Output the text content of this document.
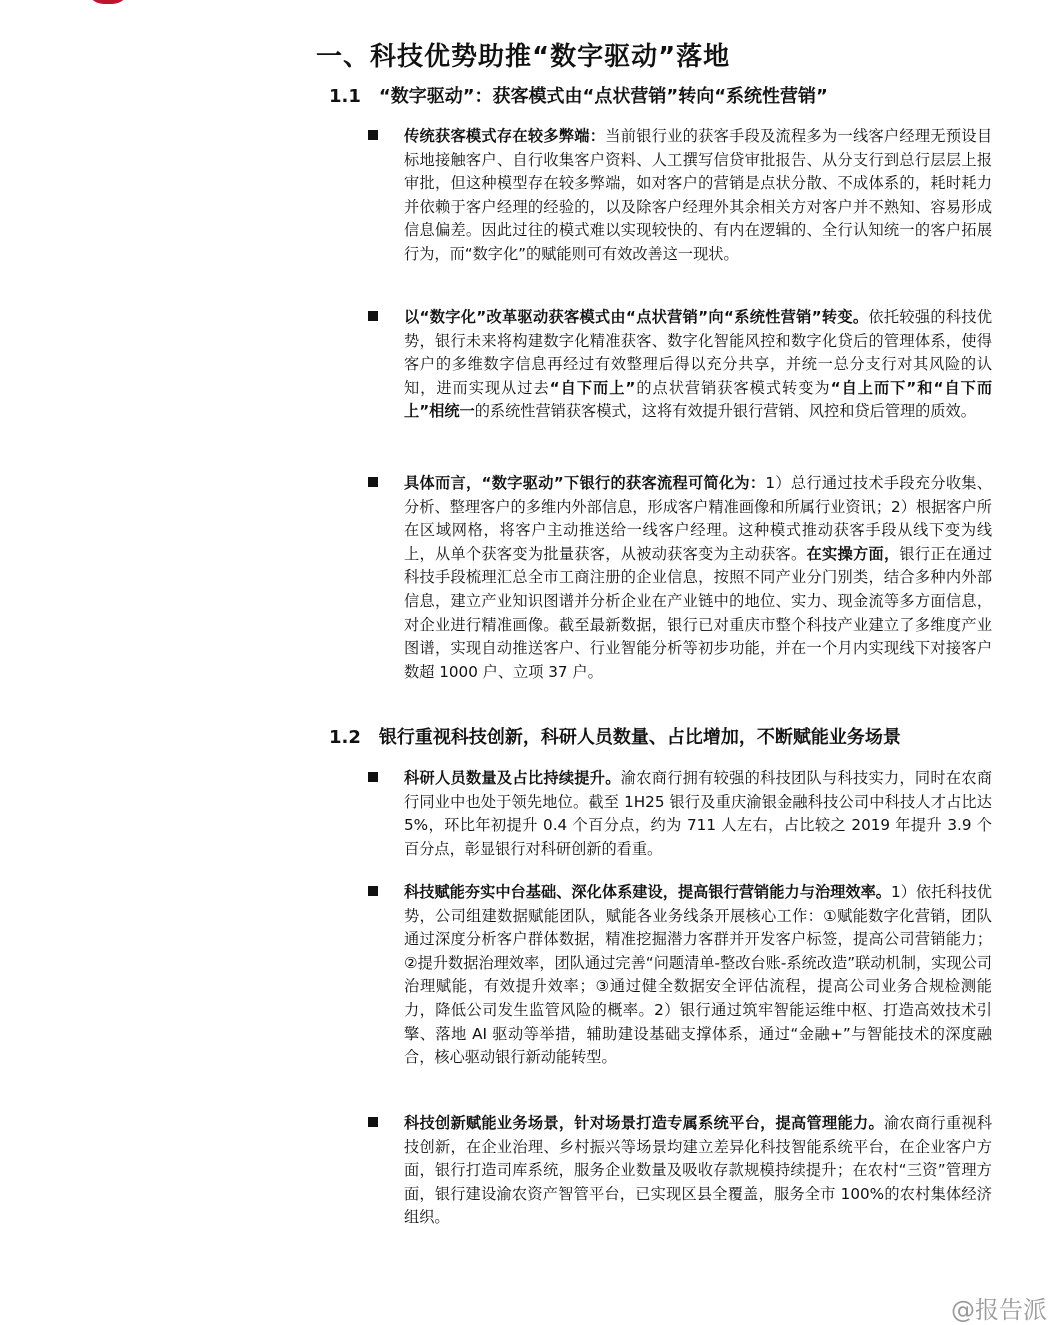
一、科技优势助推“数字驱动”落地
1.1 “数字驱动”：获客模式由“点状营销”转向“系统性营销”
传统获客模式存在较多弊端：当前银行业的获客手段及流程多为一线客户经理无预设目标地接触客户、自行收集客户资料、人工撰写信贷审批报告、从分支行到总行层层上报审批，但这种模型存在较多弊端，如对客户的营销是点状分散、不成体系的，耗时耗力并依赖于客户经理的经验的，以及除客户经理外其余相关方对客户并不熟知、容易形成信息偏差。因此过往的模式难以实现较快的、有内在逻辑的、全行认知统一的客户拓展行为，而“数字化”的赋能则可有效改善这一现状。
以“数字化”改革驱动获客模式由“点状营销”向“系统性营销”转变。依托较强的科技优势，银行未来将构建数字化精准获客、数字化智能风控和数字化贷后的管理体系，使得客户的多维数字信息再经过有效整理后得以充分共享，并统一总分支行对其风险的认知，进而实现从过去“自下而上”的点状营销获客模式转变为“自上而下”和“自下而上”相统一的系统性营销获客模式，这将有效提升银行营销、风控和贷后管理的质效。
具体而言，“数字驱动”下银行的获客流程可简化为：1）总行通过技术手段充分收集、分析、整理客户的多维内外部信息，形成客户精准画像和所属行业资讯；2）根据客户所在区域网格，将客户主动推送给一线客户经理。这种模式推动获客手段从线下变为线上，从单个获客变为批量获客，从被动获客变为主动获客。在实操方面，银行正在通过科技手段梳理汇总全市工商注册的企业信息，按照不同产业分门别类，结合多种内外部信息，建立产业知识图谱并分析企业在产业链中的地位、实力、现金流等多方面信息，对企业进行精准画像。截至最新数据，银行已对重庆市整个科技产业建立了多维度产业图谱，实现自动推送客户、行业智能分析等初步功能，并在一个月内实现线下对接客户数超 1000 户、立项 37 户。
1.2 银行重视科技创新，科研人员数量、占比增加，不断赋能业务场景
科研人员数量及占比持续提升。渝农商行拥有较强的科技团队与科技实力，同时在农商行同业中也处于领先地位。截至 1H25 银行及重庆渝银金融科技公司中科技人才占比达 5%，环比年初提升 0.4 个百分点，约为 711 人左右，占比较之 2019 年提升 3.9 个百分点，彰显银行对科研创新的看重。
科技赋能夯实中台基础、深化体系建设，提高银行营销能力与治理效率。1）依托科技优势，公司组建数据赋能团队，赋能各业务线条开展核心工作：①赋能数字化营销，团队通过深度分析客户群体数据，精准挖掘潜力客群并开发客户标签，提高公司营销能力；②提升数据治理效率，团队通过完善“问题清单-整改台账-系统改造”联动机制，实现公司治理赋能，有效提升效率；③通过健全数据安全评估流程，提高公司业务合规检测能力，降低公司发生监管风险的概率。2）银行通过筑牢智能运维中枢、打造高效技术引擎、落地 AI 驱动等举措，辅助建设基础支撑体系，通过“金融+”与智能技术的深度融合，核心驱动银行新动能转型。
科技创新赋能业务场景，针对场景打造专属系统平台，提高管理能力。渝农商行重视科技创新，在企业治理、乡村振兴等场景均建立差异化科技智能系统平台，在企业客户方面，银行打造司库系统，服务企业数量及吸收存款规模持续提升；在农村“三资”管理方面，银行建设渝农资产智管平台，已实现区县全覆盖，服务全市 100%的农村集体经济组织。
@报告派
